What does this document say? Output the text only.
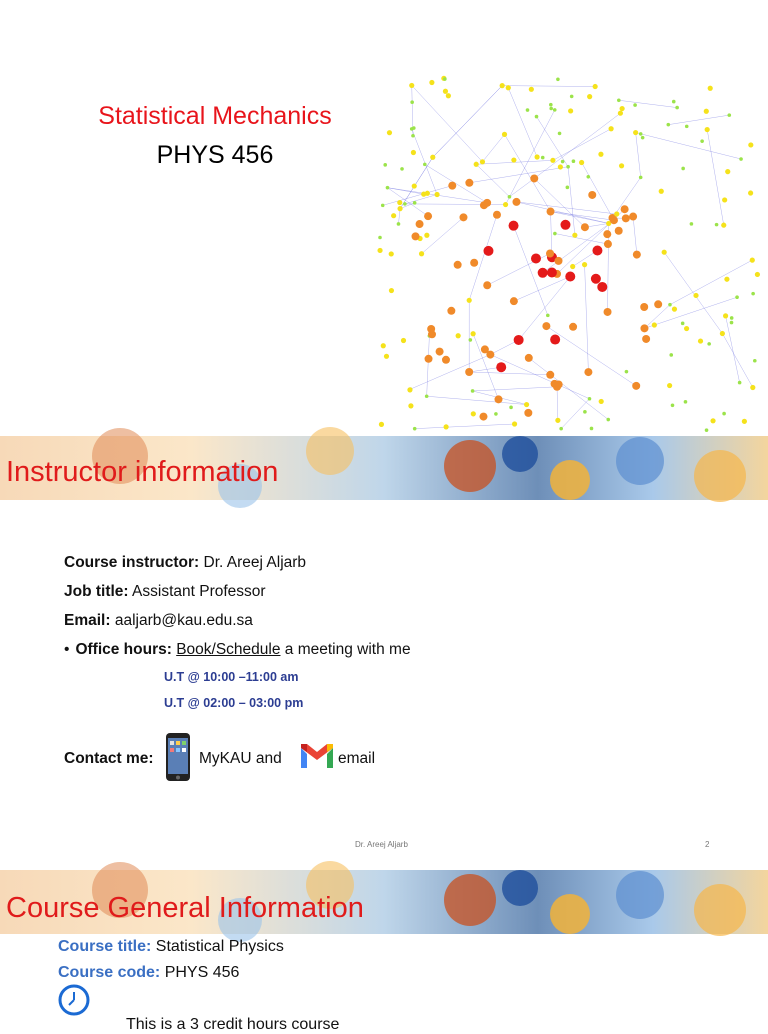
Statistical Mechanics
PHYS 456
Instructor information
Course instructor: Dr. Areej Aljarb
Job title: Assistant Professor
Email: aaljarb@kau.edu.sa
• Office hours: Book/Schedule a meeting with me
U.T @ 10:00 –11:00 am
U.T @ 02:00 – 03:00 pm
Contact me:	MyKAU and	email
Dr. Areej Aljarb	2
Course General Information
Course title: Statistical Physics
Course code: PHYS 456
This is a 3 credit hours course
